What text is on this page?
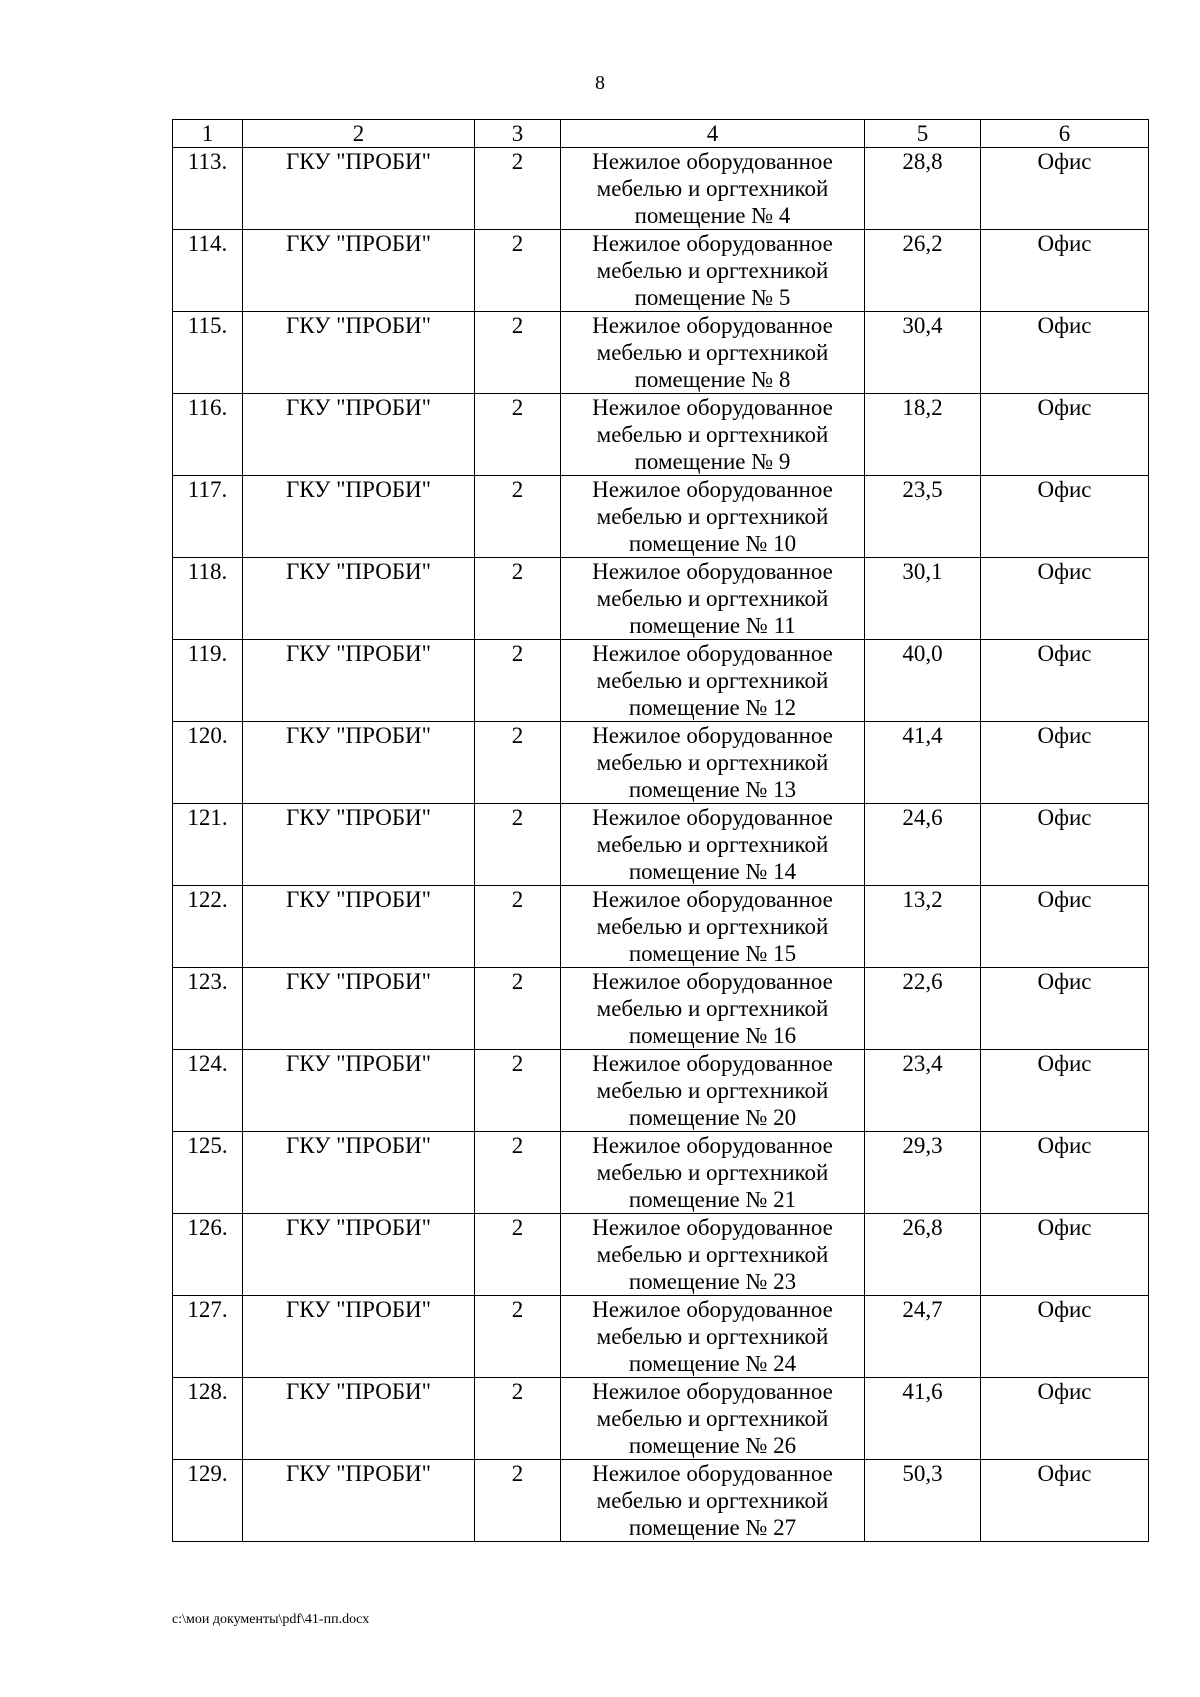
8
1	2	3	4	5	6
113.	ГКУ "ПРОБИ"	2	Нежилое оборудованное
мебелью и оргтехникой
помещение № 4	28,8	Офис
114.	ГКУ "ПРОБИ"	2	Нежилое оборудованное
мебелью и оргтехникой
помещение № 5	26,2	Офис
115.	ГКУ "ПРОБИ"	2	Нежилое оборудованное
мебелью и оргтехникой
помещение № 8	30,4	Офис
116.	ГКУ "ПРОБИ"	2	Нежилое оборудованное
мебелью и оргтехникой
помещение № 9	18,2	Офис
117.	ГКУ "ПРОБИ"	2	Нежилое оборудованное
мебелью и оргтехникой
помещение № 10	23,5	Офис
118.	ГКУ "ПРОБИ"	2	Нежилое оборудованное
мебелью и оргтехникой
помещение № 11	30,1	Офис
119.	ГКУ "ПРОБИ"	2	Нежилое оборудованное
мебелью и оргтехникой
помещение № 12	40,0	Офис
120.	ГКУ "ПРОБИ"	2	Нежилое оборудованное
мебелью и оргтехникой
помещение № 13	41,4	Офис
121.	ГКУ "ПРОБИ"	2	Нежилое оборудованное
мебелью и оргтехникой
помещение № 14	24,6	Офис
122.	ГКУ "ПРОБИ"	2	Нежилое оборудованное
мебелью и оргтехникой
помещение № 15	13,2	Офис
123.	ГКУ "ПРОБИ"	2	Нежилое оборудованное
мебелью и оргтехникой
помещение № 16	22,6	Офис
124.	ГКУ "ПРОБИ"	2	Нежилое оборудованное
мебелью и оргтехникой
помещение № 20	23,4	Офис
125.	ГКУ "ПРОБИ"	2	Нежилое оборудованное
мебелью и оргтехникой
помещение № 21	29,3	Офис
126.	ГКУ "ПРОБИ"	2	Нежилое оборудованное
мебелью и оргтехникой
помещение № 23	26,8	Офис
127.	ГКУ "ПРОБИ"	2	Нежилое оборудованное
мебелью и оргтехникой
помещение № 24	24,7	Офис
128.	ГКУ "ПРОБИ"	2	Нежилое оборудованное
мебелью и оргтехникой
помещение № 26	41,6	Офис
129.	ГКУ "ПРОБИ"	2	Нежилое оборудованное
мебелью и оргтехникой
помещение № 27	50,3	Офис
c:\мои документы\pdf\41-пп.docx
